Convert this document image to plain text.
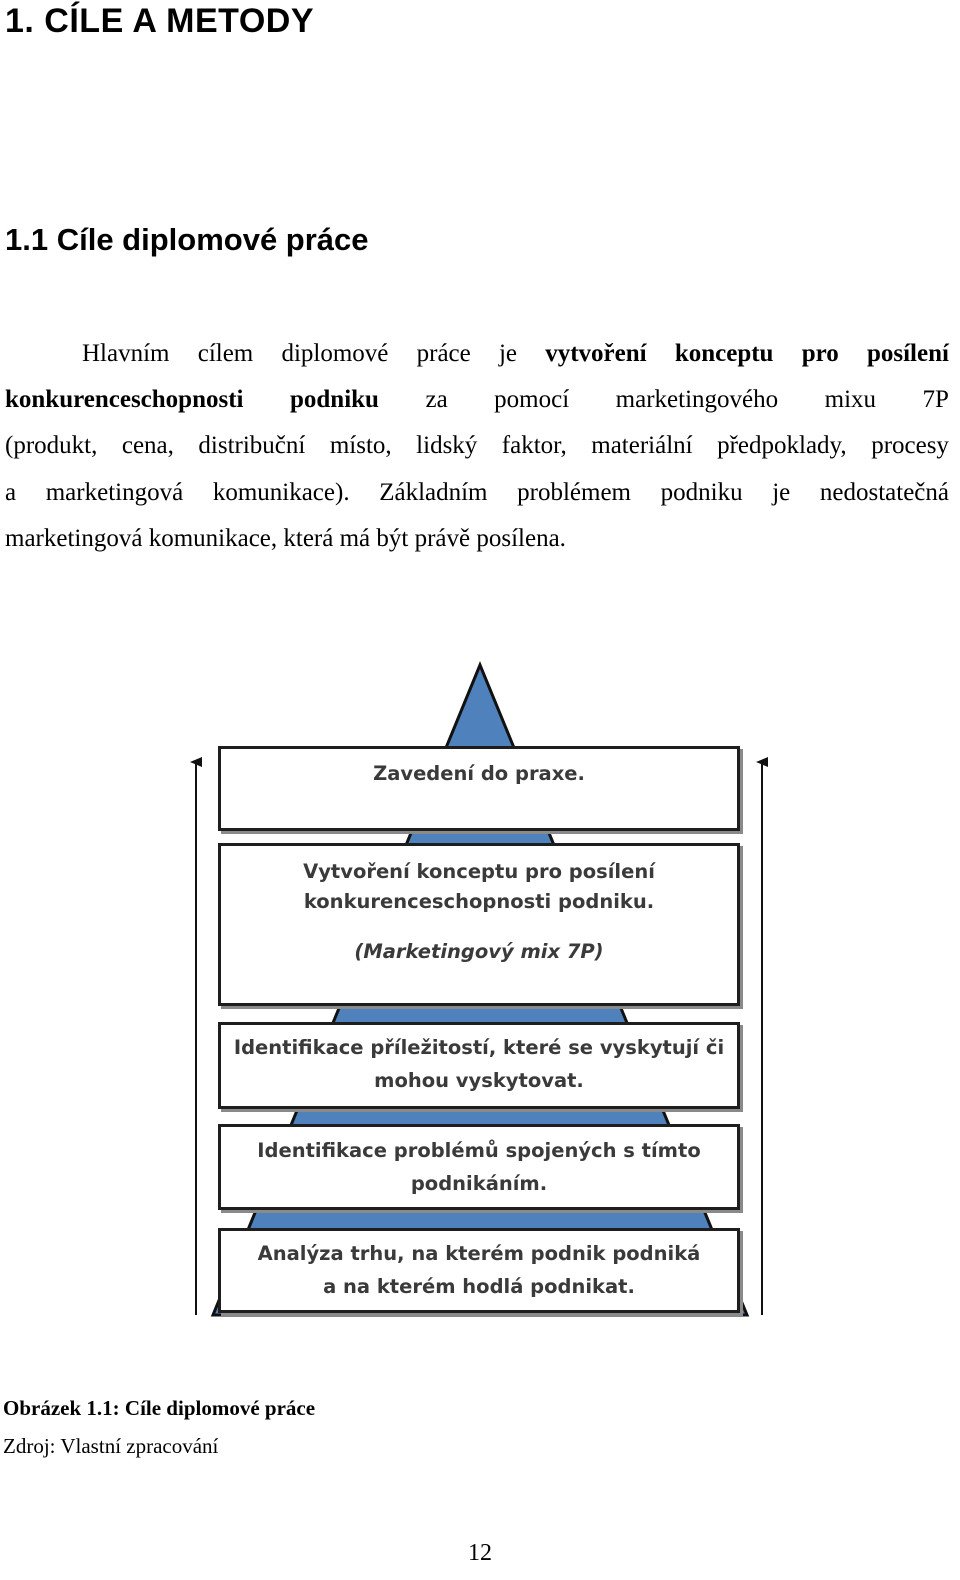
1. CÍLE A METODY
1.1 Cíle diplomové práce
Hlavním cílem diplomové práce je vytvoření konceptu pro posílení
konkurenceschopnosti podniku za pomocí marketingového mixu 7P
(produkt, cena, distribuční místo, lidský faktor, materiální předpoklady, procesy
a marketingová komunikace). Základním problémem podniku je nedostatečná
marketingová komunikace, která má být právě posílena.
Zavedení do praxe.
Vytvoření konceptu pro posílení
konkurenceschopnosti podniku.
(Marketingový mix 7P)
Identifikace příležitostí, které se vyskytují či
mohou vyskytovat.
Identifikace problémů spojených s tímto
podnikáním.
Analýza trhu, na kterém podnik podniká
a na kterém hodlá podnikat.

Obrázek 1.1: Cíle diplomové práce

Zdroj: Vlastní zpracování

12
